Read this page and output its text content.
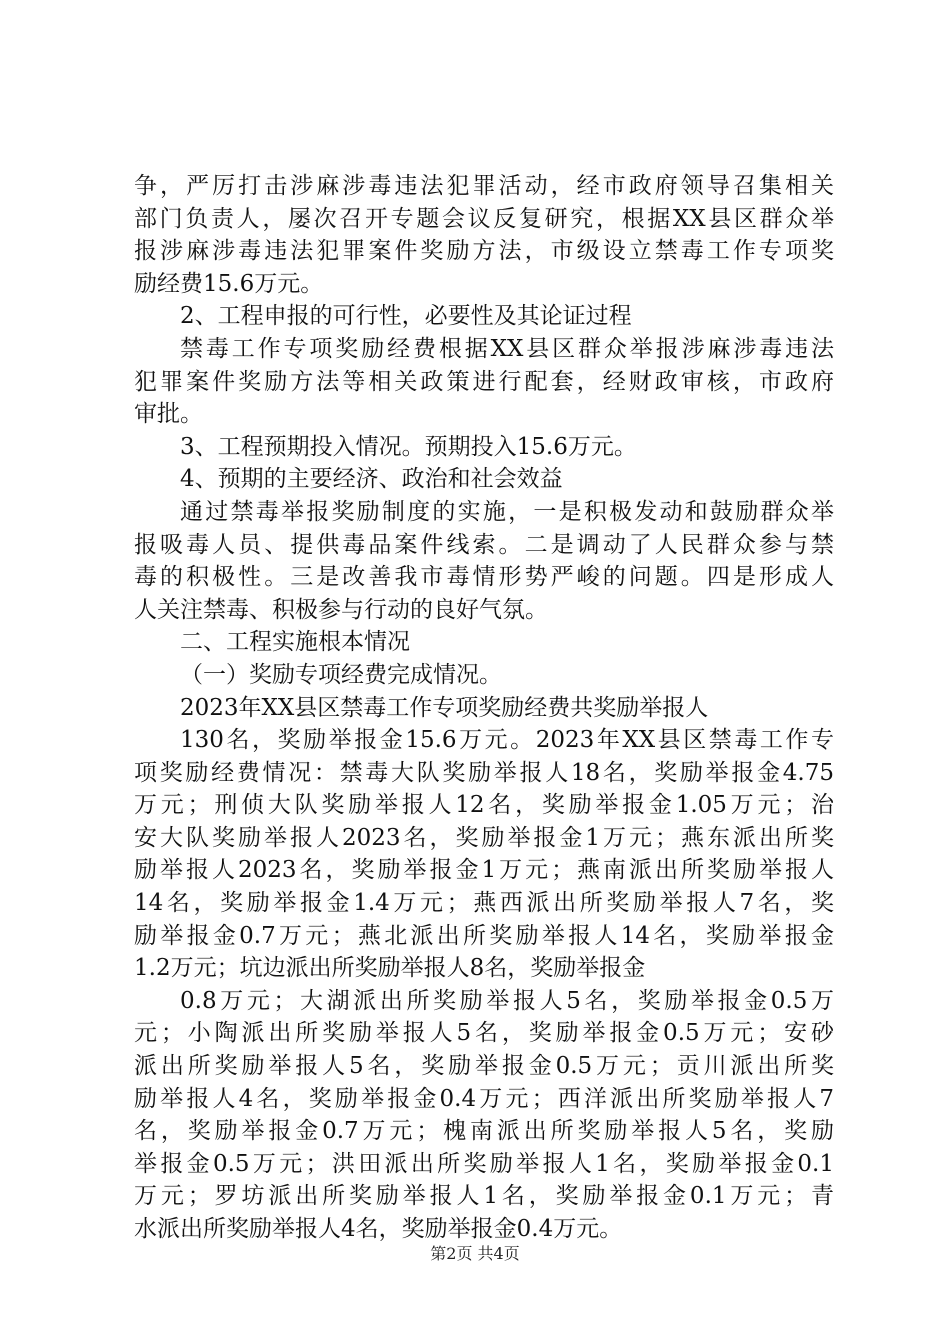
争，严厉打击涉麻涉毒违法犯罪活动，经市政府领导召集相关
部门负责人，屡次召开专题会议反复研究，根据XX县区群众举
报涉麻涉毒违法犯罪案件奖励方法，市级设立禁毒工作专项奖
励经费15.6万元。
2、工程申报的可行性，必要性及其论证过程
禁毒工作专项奖励经费根据XX县区群众举报涉麻涉毒违法
犯罪案件奖励方法等相关政策进行配套，经财政审核，市政府
审批。
3、工程预期投入情况。预期投入15.6万元。
4、预期的主要经济、政治和社会效益
通过禁毒举报奖励制度的实施，一是积极发动和鼓励群众举
报吸毒人员、提供毒品案件线索。二是调动了人民群众参与禁
毒的积极性。三是改善我市毒情形势严峻的问题。四是形成人
人关注禁毒、积极参与行动的良好气氛。
二、工程实施根本情况
（一）奖励专项经费完成情况。
2023年XX县区禁毒工作专项奖励经费共奖励举报人
130名，奖励举报金15.6万元。2023年XX县区禁毒工作专
项奖励经费情况：禁毒大队奖励举报人18名，奖励举报金4.75
万元；刑侦大队奖励举报人12名，奖励举报金1.05万元；治
安大队奖励举报人2023名，奖励举报金1万元；燕东派出所奖
励举报人2023名，奖励举报金1万元；燕南派出所奖励举报人
14名，奖励举报金1.4万元；燕西派出所奖励举报人7名，奖
励举报金0.7万元；燕北派出所奖励举报人14名，奖励举报金
1.2万元；坑边派出所奖励举报人8名，奖励举报金
0.8万元；大湖派出所奖励举报人5名，奖励举报金0.5万
元；小陶派出所奖励举报人5名，奖励举报金0.5万元；安砂
派出所奖励举报人5名，奖励举报金0.5万元；贡川派出所奖
励举报人4名，奖励举报金0.4万元；西洋派出所奖励举报人7
名，奖励举报金0.7万元；槐南派出所奖励举报人5名，奖励
举报金0.5万元；洪田派出所奖励举报人1名，奖励举报金0.1
万元；罗坊派出所奖励举报人1名，奖励举报金0.1万元；青
水派出所奖励举报人4名，奖励举报金0.4万元。
第2页 共4页
